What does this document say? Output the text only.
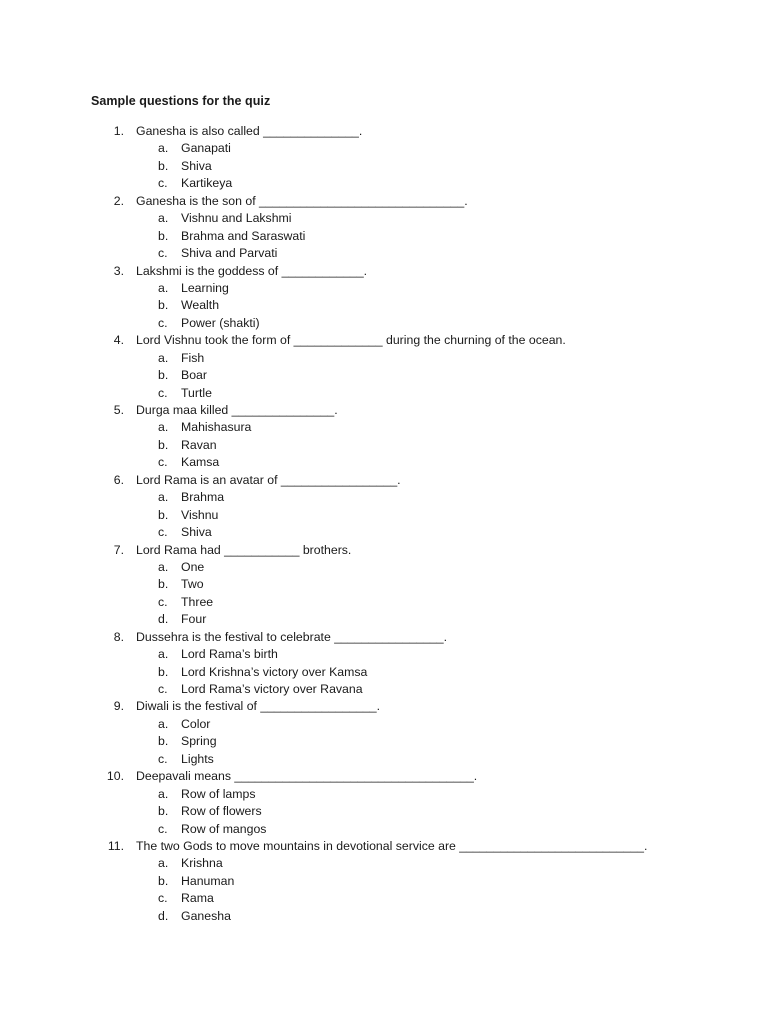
Sample questions for the quiz
1. Ganesha is also called ______________.
a. Ganapati
b. Shiva
c. Kartikeya
2. Ganesha is the son of ______________________________.
a. Vishnu and Lakshmi
b. Brahma and Saraswati
c. Shiva and Parvati
3. Lakshmi is the goddess of ____________.
a. Learning
b. Wealth
c. Power (shakti)
4. Lord Vishnu took the form of _____________ during the churning of the ocean.
a. Fish
b. Boar
c. Turtle
5. Durga maa killed _______________.
a. Mahishasura
b. Ravan
c. Kamsa
6. Lord Rama is an avatar of _________________.
a. Brahma
b. Vishnu
c. Shiva
7. Lord Rama had ___________ brothers.
a. One
b. Two
c. Three
d. Four
8. Dussehra is the festival to celebrate ________________.
a. Lord Rama’s birth
b. Lord Krishna’s victory over Kamsa
c. Lord Rama’s victory over Ravana
9. Diwali is the festival of _________________.
a. Color
b. Spring
c. Lights
10. Deepavali means ___________________________________.
a. Row of lamps
b. Row of flowers
c. Row of mangos
11. The two Gods to move mountains in devotional service are ___________________________.
a. Krishna
b. Hanuman
c. Rama
d. Ganesha
